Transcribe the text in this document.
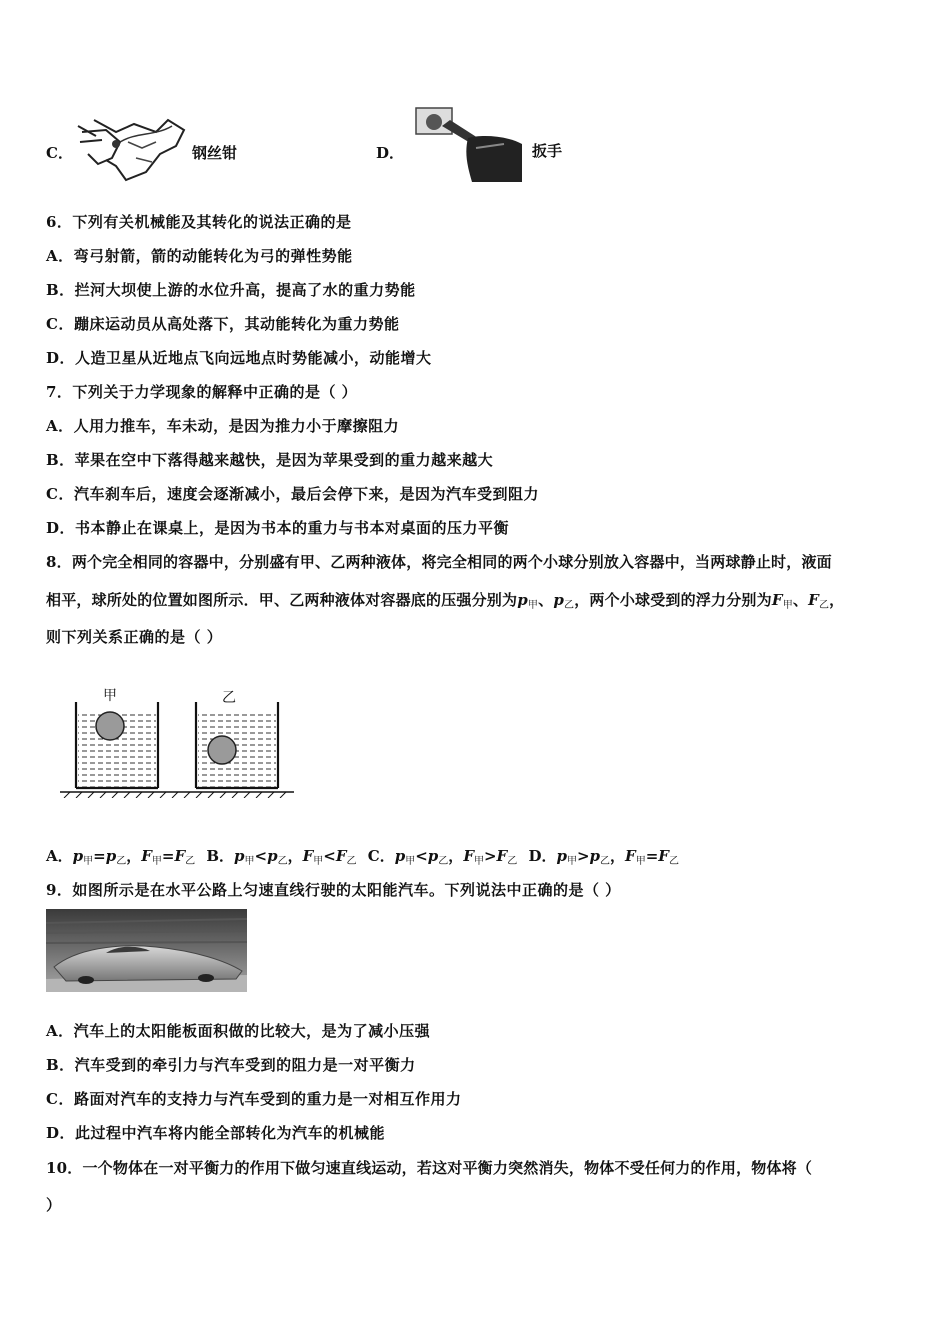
C．	钢丝钳	D．	扳手
6．下列有关机械能及其转化的说法正确的是
A．弯弓射箭，箭的动能转化为弓的弹性势能
B．拦河大坝使上游的水位升高，提高了水的重力势能
C．蹦床运动员从高处落下，其动能转化为重力势能
D．人造卫星从近地点飞向远地点时势能减小，动能增大
7．下列关于力学现象的解释中正确的是（ ）
A．人用力推车，车未动，是因为推力小于摩擦阻力
B．苹果在空中下落得越来越快，是因为苹果受到的重力越来越大
C．汽车刹车后，速度会逐渐减小，最后会停下来，是因为汽车受到阻力
D．书本静止在课桌上，是因为书本的重力与书本对桌面的压力平衡
8．两个完全相同的容器中，分别盛有甲、乙两种液体，将完全相同的两个小球分别放入容器中，当两球静止时，液面
相平，球所处的位置如图所示．甲、乙两种液体对容器底的压强分别为$p_甲$、$p_乙$，两个小球受到的浮力分别为$F_甲$、$F_乙$，
则下列关系正确的是（ ）
甲	乙
A．$p_甲=p_乙$，$F_甲=F_乙$ B．$p_甲<p_乙$，$F_甲<F_乙$ C．$p_甲<p_乙$，$F_甲>F_乙$ D．$p_甲>p_乙$，$F_甲=F_乙$
9．如图所示是在水平公路上匀速直线行驶的太阳能汽车。下列说法中正确的是（ ）
A．汽车上的太阳能板面积做的比较大，是为了减小压强
B．汽车受到的牵引力与汽车受到的阻力是一对平衡力
C．路面对汽车的支持力与汽车受到的重力是一对相互作用力
D．此过程中汽车将内能全部转化为汽车的机械能
10．一个物体在一对平衡力的作用下做匀速直线运动，若这对平衡力突然消失，物体不受任何力的作用，物体将（
）
